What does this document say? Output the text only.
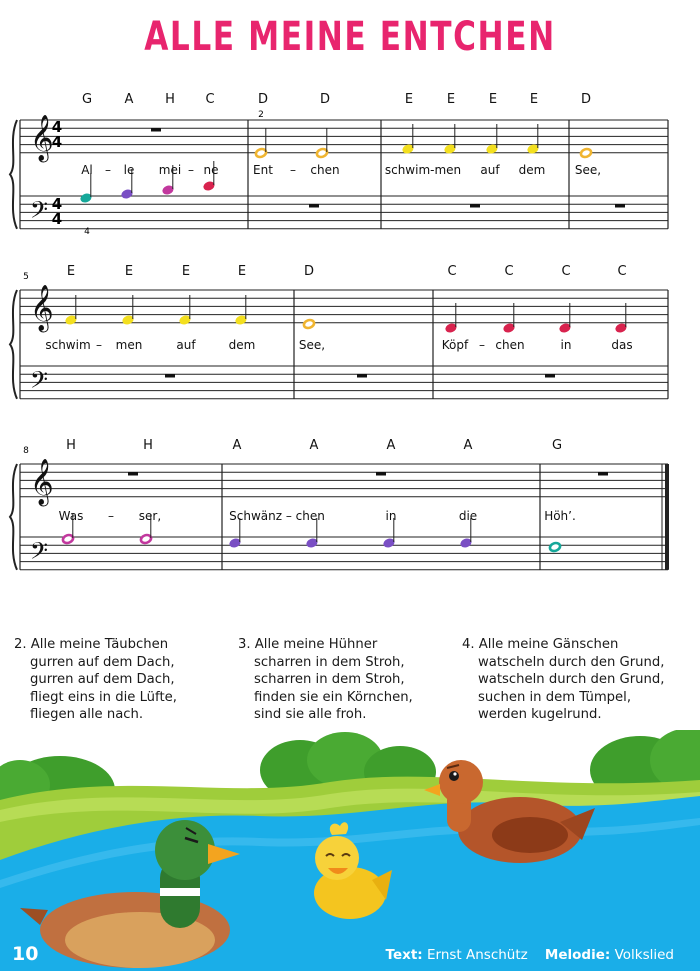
ALLE MEINE ENTCHEN
𝄞
𝄢
𝄞
𝄢
𝄞
𝄢
4
4
4
4
2
4
5
8
G	A H C	D	D	E	E	E	E	D
Al – le mei – ne	Ent – chen	schwim-men auf dem See,
E	E	E	E	D	C	C	C	C
schwim – men	auf	dem	See,	Köpf – chen	in	das
H	H	A	A	A	A	G
Was – ser,	Schwänz – chen	in	die	Höh’.
2. Alle meine Täubchen
gurren auf dem Dach,
gurren auf dem Dach,
fliegt eins in die Lüfte,
fliegen alle nach.
3. Alle meine Hühner
scharren in dem Stroh,
scharren in dem Stroh,
finden sie ein Körnchen,
sind sie alle froh.
4. Alle meine Gänschen
watscheln durch den Grund,
watscheln durch den Grund,
suchen in dem Tümpel,
werden kugelrund.
10	Text: Ernst Anschütz Melodie: Volkslied
